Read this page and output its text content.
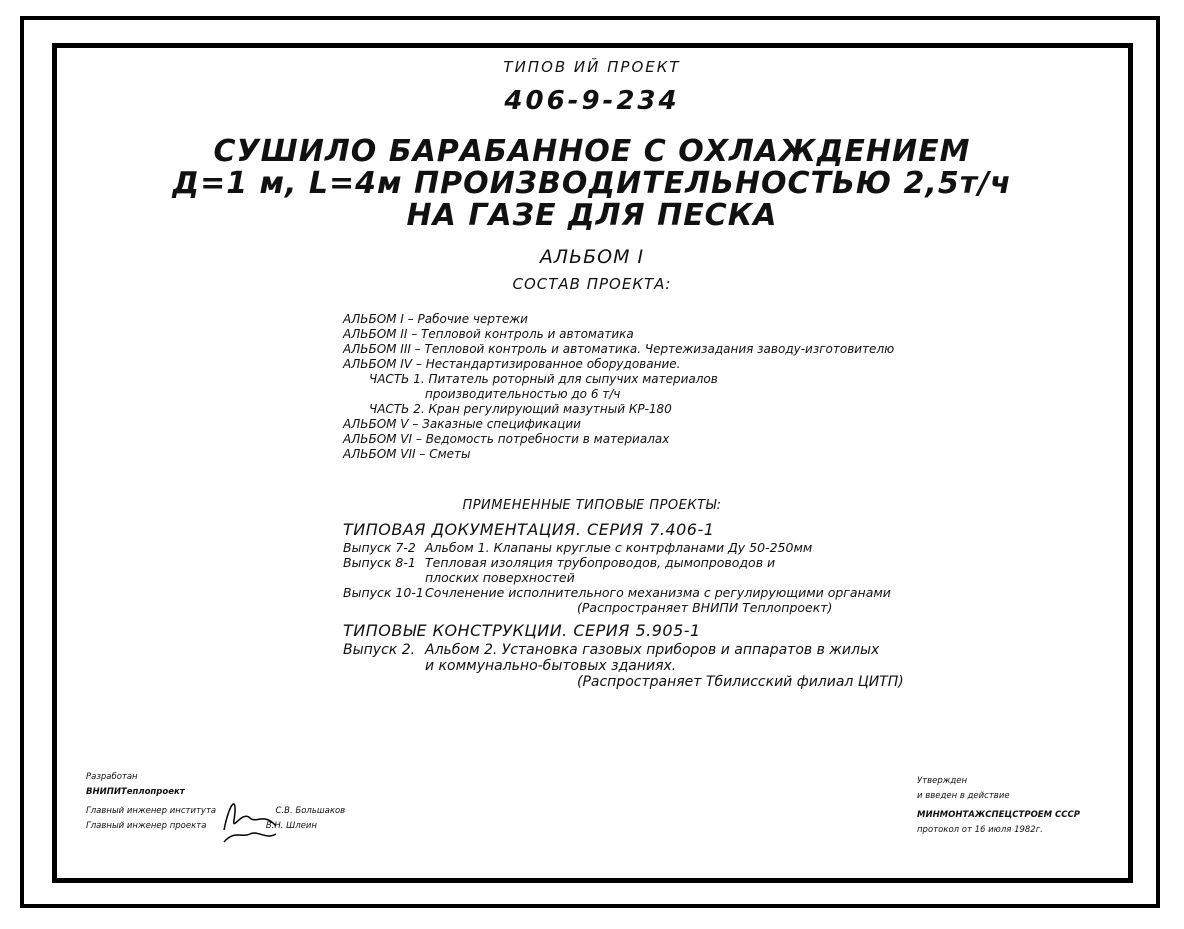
ТИПОВ ИЙ ПРОЕКТ
406-9-234
СУШИЛО БАРАБАННОЕ С ОХЛАЖДЕНИЕМ
Д=1 м, L=4м ПРОИЗВОДИТЕЛЬНОСТЬЮ 2,5т/ч
НА ГАЗЕ ДЛЯ ПЕСКА
АЛЬБОМ I
СОСТАВ ПРОЕКТА:
АЛЬБОМ I – Рабочие чертежи
АЛЬБОМ II – Тепловой контроль и автоматика
АЛЬБОМ III – Тепловой контроль и автоматика. Чертежизадания заводу-изготовителю
АЛЬБОМ IV – Нестандартизированное оборудование.
ЧАСТЬ 1. Питатель роторный для сыпучих материалов
производительностью до 6 т/ч
ЧАСТЬ 2. Кран регулирующий мазутный КР-180
АЛЬБОМ V – Заказные спецификации
АЛЬБОМ VI – Ведомость потребности в материалах
АЛЬБОМ VII – Сметы
ПРИМЕНЕННЫЕ ТИПОВЫЕ ПРОЕКТЫ:
ТИПОВАЯ ДОКУМЕНТАЦИЯ. СЕРИЯ 7.406-1
Выпуск 7-2 Альбом 1. Клапаны круглые с контрфланами Ду 50-250мм
Выпуск 8-1 Тепловая изоляция трубопроводов, дымопроводов и
плоских поверхностей
Выпуск 10-1 Сочленение исполнительного механизма с регулирующими органами
(Распространяет ВНИПИ Теплопроект)
ТИПОВЫЕ КОНСТРУКЦИИ. СЕРИЯ 5.905-1
Выпуск 2. Альбом 2. Установка газовых приборов и аппаратов в жилых
и коммунально-бытовых зданиях.
(Распространяет Тбилисский филиал ЦИТП)
Разработан
ВНИПИТеплопроект
Главный инженер института	С.В. Большаков
Главный инженер проекта	В.Н. Шлеин
Утвержден
и введен в действие
МИНМОНТАЖСПЕЦСТРОЕМ СССР
протокол от 16 июля 1982г.
